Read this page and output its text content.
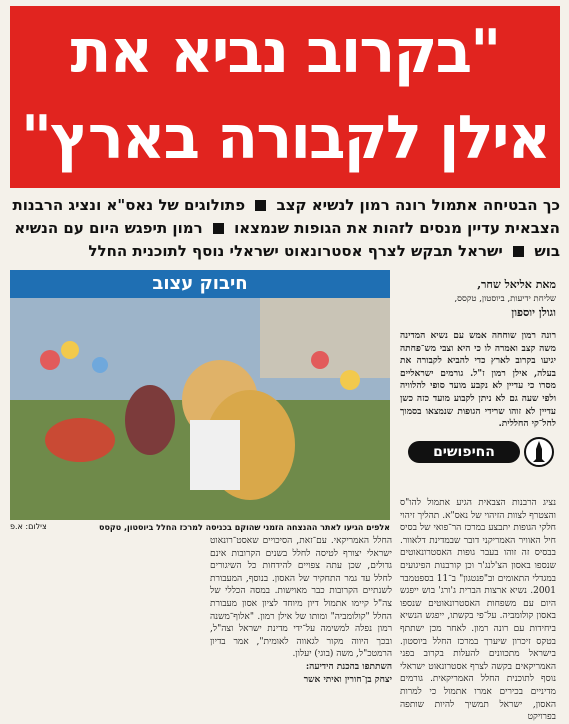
"בקרוב נביא את
אילן לקבורה בארץ"
כך הבטיחה אתמול רונה רמון לנשיא קצב  פתולוגים של נאס"א ונציג הרבנות הצבאית עדיין מנסים לזהות את הגופות שנמצאו  רמון תיפגש היום עם הנשיא בוש  ישראל תבקש לצרף אסטרונאוט ישראלי נוסף לתוכנית החלל
מאת אליאל שחר,
שליחת ידיעות, ביוסטון, טקסס,
וגולן יוספון
רונה רמון שוחחה אמש עם נשיא המדינה משה קצב ואמרה לו כי היא וצבי מש־פחתה יגיעו בקרוב לארץ כדי להביא לקבורה את בעלה, אילן רמון ז"ל. גורמים ישראליים מסרו כי עדיין לא נקבע מועד סופי להלוויה ולפי שעה גם לא ניתן לקבוע מועד כזה כשן עדיין לא זוהו שרידי הגופות שנמצאו בסמוך לחל־קי החללית.
החיפושים
נציג הרבנות הצבאית הגיע אתמול להו"ס והצטרף לצוות הזיהוי של נאס"א. תהליך זיהוי חלקי הגופות יתבצע במרכז הר־פואי של בסיס חיל האוויר האמריקני דובר שבמדינת דלאוור. בבסיס זה זוהו בעבר גופות האסטרונאוטים שנספו באסון הצ'לנג'ר וכן קורבנות הפיגועים במגדלי התאומים וב"פנטגון" ב־11 בספטמבר 2001. נשיא ארצות הברית ג'ורג' בוש ייפגש היום עם משפחות האסטרונאוטים שנספו באסון קולומביה. על־פי בקשתו, ייפגש הנשיא ביחידות עם רונה רמון. לאחר מכן ישתתף בטקס זיכרון שיערך במרכז החלל ביוסטון. בישראל מתכוונים להעלות בקרוב בפני האמריקאים בקשה לצרף אסטרונאוט ישראלי נוסף לתוכנית החלל האמריקאית. גורמים מדיניים בכירים אמרו אתמול כי למרות האסון, ישראל תמשיך להיות שותפה בפרויקט
חיבוק עצוב
אלפים הגיעו לאתר ההנצחה הזמני שהוקם בכניסה למרכז החלל ביוסטון, טקסס
צילום: א.פ
החלל האמריקאי. עם־זאת, הסיכויים שאסט־רונאוט ישראלי יצורף לטיסה לחלל בשנים הקרובות אינם גדולים, שכן עתה צפויים להידחות כל השיגורים לחלל עד גמר התחקיר של האסון. בנוסף, המעבורת לשנתיים הקרובות כבר מאוישות. במסה הכללי של צה"ל קיימו אתמול דיון מיוחד לציון אסון מעבורת החלל "קולומביה" ומותו של אילן רמון. "אלוף־משנה רמון נפלה למשימה על־ידי מדינת ישראל וצה"ל, ובכך היווה מקור לגאווה לאומית", אמר בדיון הרמטכ"ל, משה (בוגי) יעלון.
השתתפו בהכנת הידיעה:
יצחק בן־חורין ואיתי אשר
